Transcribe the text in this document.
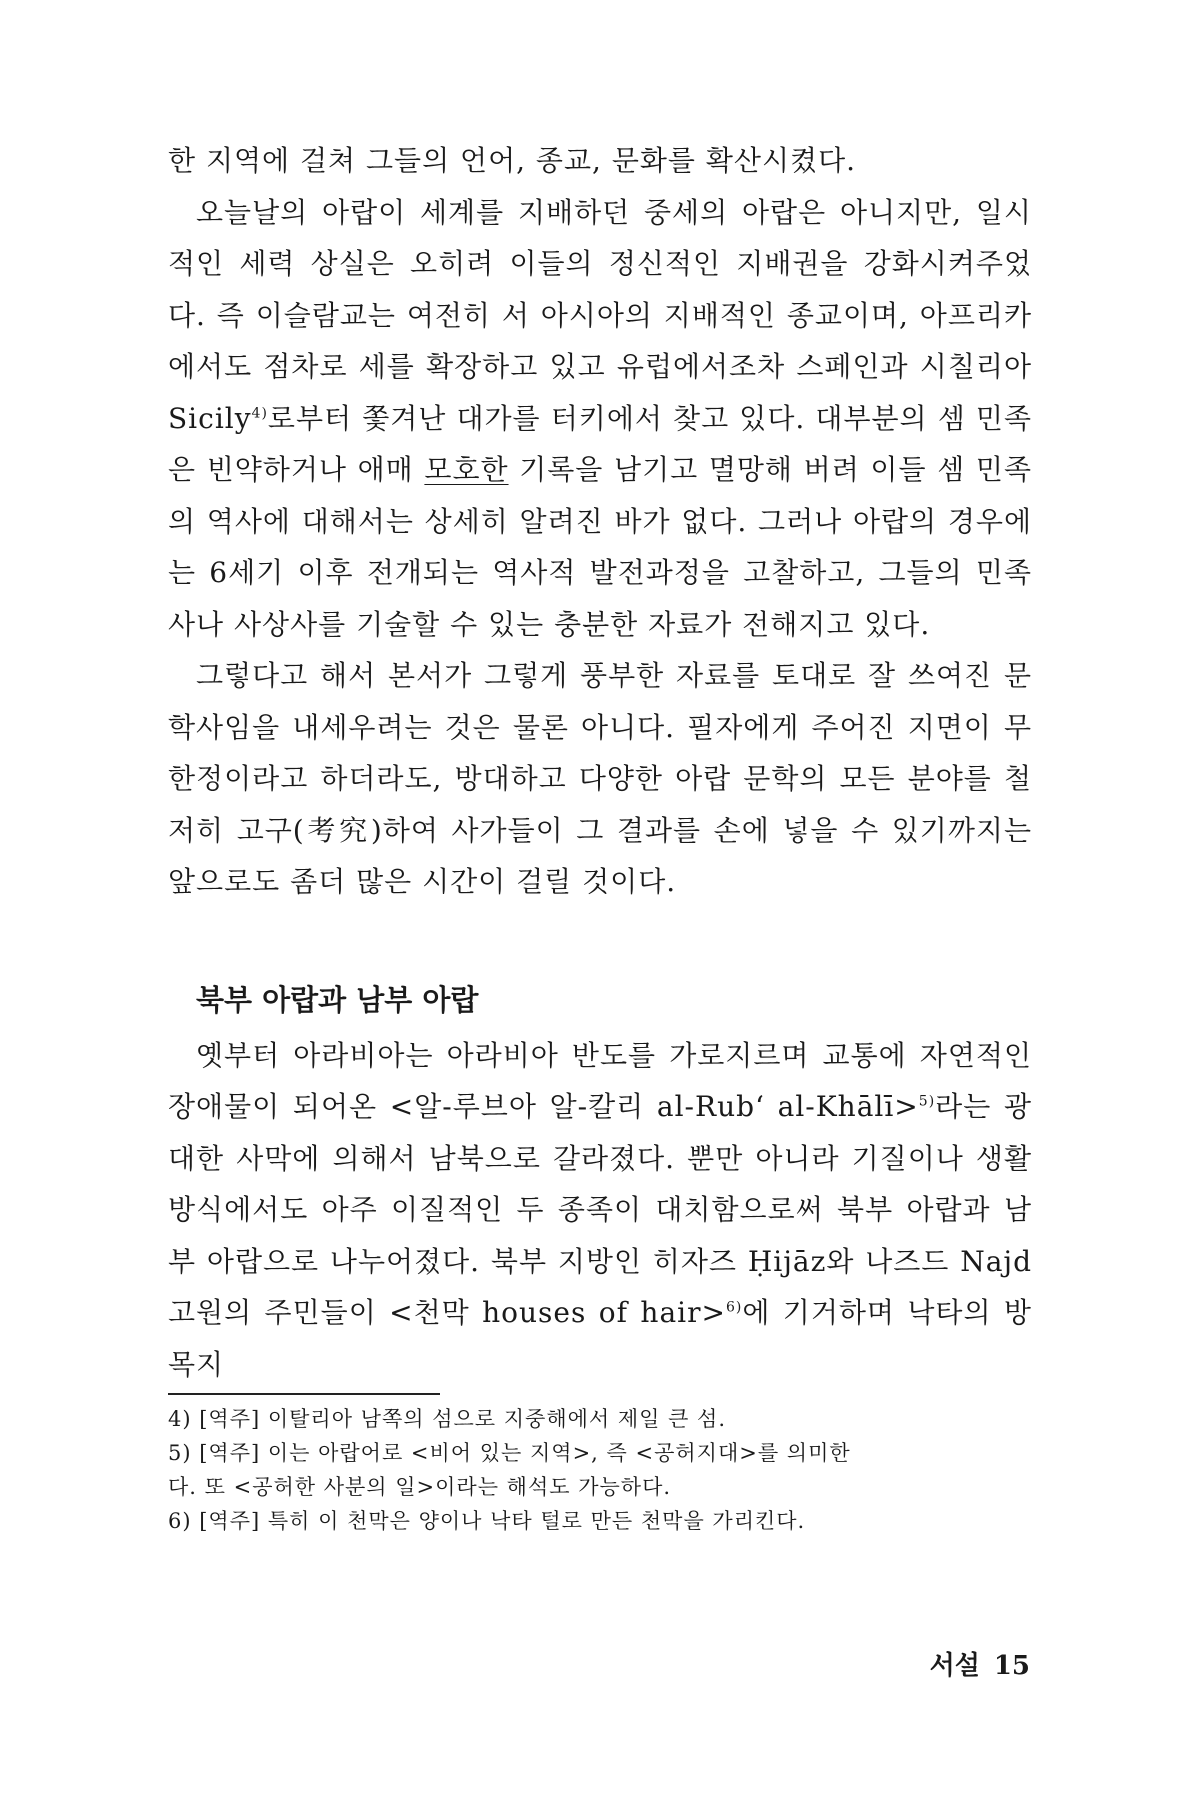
한 지역에 걸쳐 그들의 언어, 종교, 문화를 확산시켰다.

오늘날의 아랍이 세계를 지배하던 중세의 아랍은 아니지만, 일시적인 세력 상실은 오히려 이들의 정신적인 지배권을 강화시켜주었다. 즉 이슬람교는 여전히 서 아시아의 지배적인 종교이며, 아프리카에서도 점차로 세를 확장하고 있고 유럽에서조차 스페인과 시칠리아 Sicily$^{4)}$로부터 쫓겨난 대가를 터키에서 찾고 있다. 대부분의 셈 민족은 빈약하거나 애매 모호한 기록을 남기고 멸망해 버려 이들 셈 민족의 역사에 대해서는 상세히 알려진 바가 없다. 그러나 아랍의 경우에는 6세기 이후 전개되는 역사적 발전과정을 고찰하고, 그들의 민족사나 사상사를 기술할 수 있는 충분한 자료가 전해지고 있다.

그렇다고 해서 본서가 그렇게 풍부한 자료를 토대로 잘 쓰여진 문학사임을 내세우려는 것은 물론 아니다. 필자에게 주어진 지면이 무한정이라고 하더라도, 방대하고 다양한 아랍 문학의 모든 분야를 철저히 고구(考究)하여 사가들이 그 결과를 손에 넣을 수 있기까지는 앞으로도 좀더 많은 시간이 걸릴 것이다.

북부 아랍과 남부 아랍

옛부터 아라비아는 아라비아 반도를 가로지르며 교통에 자연적인 장애물이 되어온 <알-루브아 알-칼리 al-Rub‘ al-Khālī>$^{5)}$라는 광대한 사막에 의해서 남북으로 갈라졌다. 뿐만 아니라 기질이나 생활 방식에서도 아주 이질적인 두 종족이 대치함으로써 북부 아랍과 남부 아랍으로 나누어졌다. 북부 지방인 히자즈 Ḥijāz와 나즈드 Najd 고원의 주민들이 <천막 houses of hair>$^{6)}$에 기거하며 낙타의 방목지

4) [역주] 이탈리아 남쪽의 섬으로 지중해에서 제일 큰 섬.

5) [역주] 이는 아랍어로 <비어 있는 지역>, 즉 <공허지대>를 의미한

다. 또 <공허한 사분의 일>이라는 해석도 가능하다.

6) [역주] 특히 이 천막은 양이나 낙타 털로 만든 천막을 가리킨다.

서설 15
